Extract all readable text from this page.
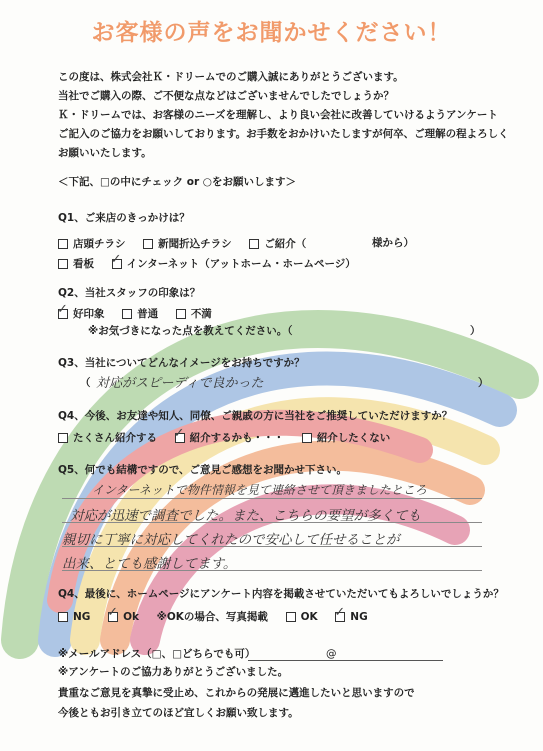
お客様の声をお聞かせください！
この度は、株式会社Ｋ・ドリームでのご購入誠にありがとうございます。
当社でご購入の際、ご不便な点などはございませんでしたでしょうか？
Ｋ・ドリームでは、お客様のニーズを理解し、より良い会社に改善していけるようアンケート
ご記入のご協力をお願いしております。お手数をおかけいたしますが何卒、ご理解の程よろしく
お願いいたします。
＜下記、□の中にチェック or ○をお願いします＞
Q1、ご来店のきっかけは？
店頭チラシ	新聞折込チラシ	ご紹介（	様から）
看板 ✓ インターネット（アットホーム・ホームページ）
Q2、当社スタッフの印象は？
✓ 好印象	普通	不満
※お気づきになった点を教えてください。（	）
Q3、当社についてどんなイメージをお持ちですか？
（ 対応がスピーディで良かった	）
Q4、今後、お友達や知人、同僚、ご親戚の方に当社をご推奨していただけますか？
たくさん紹介する ✓ 紹介するかも・・・	紹介したくない
Q5、何でも結構ですので、ご意見ご感想をお聞かせ下さい。
インターネットで物件情報を見て連絡させて頂きましたところ
対応が迅速で調査でした。また、こちらの要望が多くても
親切に丁寧に対応してくれたので安心して任せることが
出来、とても感謝してます。
Q4、最後に、ホームページにアンケート内容を掲載させていただいてもよろしいでしょうか？
NG ✓ Ok ※OKの場合、写真掲載	OK ✓ NG
※メールアドレス（□、□どちらでも可）	@
※アンケートのご協力ありがとうございました。
貴重なご意見を真摯に受止め、これからの発展に邁進したいと思いますので
今後ともお引き立てのほど宜しくお願い致します。
